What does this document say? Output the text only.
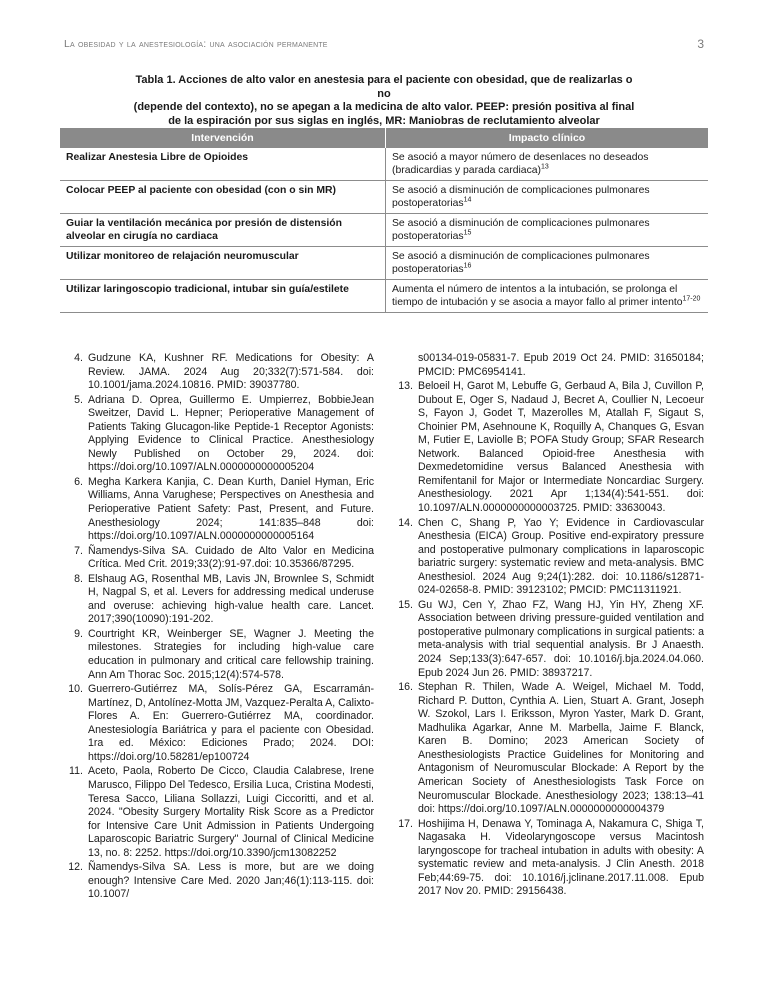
La obesidad y la anestesiología: una asociación permanente	3
Tabla 1. Acciones de alto valor en anestesia para el paciente con obesidad, que de realizarlas o no
(depende del contexto), no se apegan a la medicina de alto valor. PEEP: presión positiva al final
de la espiración por sus siglas en inglés, MR: Maniobras de reclutamiento alveolar
Intervención	Impacto clínico
Realizar Anestesia Libre de Opioides	Se asoció a mayor número de desenlaces no deseados (bradicardias y parada cardiaca)$^{13}$
Colocar PEEP al paciente con obesidad (con o sin MR)	Se asoció a disminución de complicaciones pulmonares postoperatorias$^{14}$
Guiar la ventilación mecánica por presión de distensión alveolar en cirugía no cardiaca	Se asoció a disminución de complicaciones pulmonares postoperatorias$^{15}$
Utilizar monitoreo de relajación neuromuscular	Se asoció a disminución de complicaciones pulmonares postoperatorias$^{16}$
Utilizar laringoscopio tradicional, intubar sin guía/estilete	Aumenta el número de intentos a la intubación, se prolonga el tiempo de intubación y se asocia a mayor fallo al primer intento$^{17-20}$

4. Gudzune KA, Kushner RF. Medications for Obesity: A Review. JAMA. 2024 Aug 20;332(7):571-584. doi: 10.1001/jama.2024.10816. PMID: 39037780.

5. Adriana D. Oprea, Guillermo E. Umpierrez, BobbieJean Sweitzer, David L. Hepner; Perioperative Management of Patients Taking Glucagon-like Peptide-1 Receptor Agonists: Applying Evidence to Clinical Practice. Anesthesiology Newly Published on October 29, 2024. doi: https://doi.org/10.1097/ALN.0000000000005204

6. Megha Karkera Kanjia, C. Dean Kurth, Daniel Hyman, Eric Williams, Anna Varughese; Perspectives on Anesthesia and Perioperative Patient Safety: Past, Present, and Future. Anesthesiology 2024; 141:835–848 doi: https://doi.org/10.1097/ALN.0000000000005164

7. Ñamendys-Silva SA. Cuidado de Alto Valor en Medicina Crítica. Med Crit. 2019;33(2):91-97.doi: 10.35366/87295.

8. Elshaug AG, Rosenthal MB, Lavis JN, Brownlee S, Schmidt H, Nagpal S, et al. Levers for addressing medical underuse and overuse: achieving high-value health care. Lancet. 2017;390(10090):191-202.

9. Courtright KR, Weinberger SE, Wagner J. Meeting the milestones. Strategies for including high-value care education in pulmonary and critical care fellowship training. Ann Am Thorac Soc. 2015;12(4):574-578.

10. Guerrero-Gutiérrez MA, Solís-Pérez GA, Escarramán-Martínez, D, Antolínez-Motta JM, Vazquez-Peralta A, Calixto-Flores A. En: Guerrero-Gutiérrez MA, coordinador. Anestesiología Bariátrica y para el paciente con Obesidad. 1ra ed. México: Ediciones Prado; 2024. DOI: https://doi.org/10.58281/ep100724

11. Aceto, Paola, Roberto De Cicco, Claudia Calabrese, Irene Marusco, Filippo Del Tedesco, Ersilia Luca, Cristina Modesti, Teresa Sacco, Liliana Sollazzi, Luigi Ciccoritti, and et al. 2024. "Obesity Surgery Mortality Risk Score as a Predictor for Intensive Care Unit Admission in Patients Undergoing Laparoscopic Bariatric Surgery" Journal of Clinical Medicine 13, no. 8: 2252. https://doi.org/10.3390/jcm13082252

12. Ñamendys-Silva SA. Less is more, but are we doing enough? Intensive Care Med. 2020 Jan;46(1):113-115. doi: 10.1007/

s00134-019-05831-7. Epub 2019 Oct 24. PMID: 31650184; PMCID: PMC6954141.

13. Beloeil H, Garot M, Lebuffe G, Gerbaud A, Bila J, Cuvillon P, Dubout E, Oger S, Nadaud J, Becret A, Coullier N, Lecoeur S, Fayon J, Godet T, Mazerolles M, Atallah F, Sigaut S, Choinier PM, Asehnoune K, Roquilly A, Chanques G, Esvan M, Futier E, Laviolle B; POFA Study Group; SFAR Research Network. Balanced Opioid-free Anesthesia with Dexmedetomidine versus Balanced Anesthesia with Remifentanil for Major or Intermediate Noncardiac Surgery. Anesthesiology. 2021 Apr 1;134(4):541-551. doi: 10.1097/ALN.0000000000003725. PMID: 33630043.

14. Chen C, Shang P, Yao Y; Evidence in Cardiovascular Anesthesia (EICA) Group. Positive end-expiratory pressure and postoperative pulmonary complications in laparoscopic bariatric surgery: systematic review and meta-analysis. BMC Anesthesiol. 2024 Aug 9;24(1):282. doi: 10.1186/s12871-024-02658-8. PMID: 39123102; PMCID: PMC11311921.

15. Gu WJ, Cen Y, Zhao FZ, Wang HJ, Yin HY, Zheng XF. Association between driving pressure-guided ventilation and postoperative pulmonary complications in surgical patients: a meta-analysis with trial sequential analysis. Br J Anaesth. 2024 Sep;133(3):647-657. doi: 10.1016/j.bja.2024.04.060. Epub 2024 Jun 26. PMID: 38937217.

16. Stephan R. Thilen, Wade A. Weigel, Michael M. Todd, Richard P. Dutton, Cynthia A. Lien, Stuart A. Grant, Joseph W. Szokol, Lars I. Eriksson, Myron Yaster, Mark D. Grant, Madhulika Agarkar, Anne M. Marbella, Jaime F. Blanck, Karen B. Domino; 2023 American Society of Anesthesiologists Practice Guidelines for Monitoring and Antagonism of Neuromuscular Blockade: A Report by the American Society of Anesthesiologists Task Force on Neuromuscular Blockade. Anesthesiology 2023; 138:13–41 doi: https://doi.org/10.1097/ALN.0000000000004379

17. Hoshijima H, Denawa Y, Tominaga A, Nakamura C, Shiga T, Nagasaka H. Videolaryngoscope versus Macintosh laryngoscope for tracheal intubation in adults with obesity: A systematic review and meta-analysis. J Clin Anesth. 2018 Feb;44:69-75. doi: 10.1016/j.jclinane.2017.11.008. Epub 2017 Nov 20. PMID: 29156438.
